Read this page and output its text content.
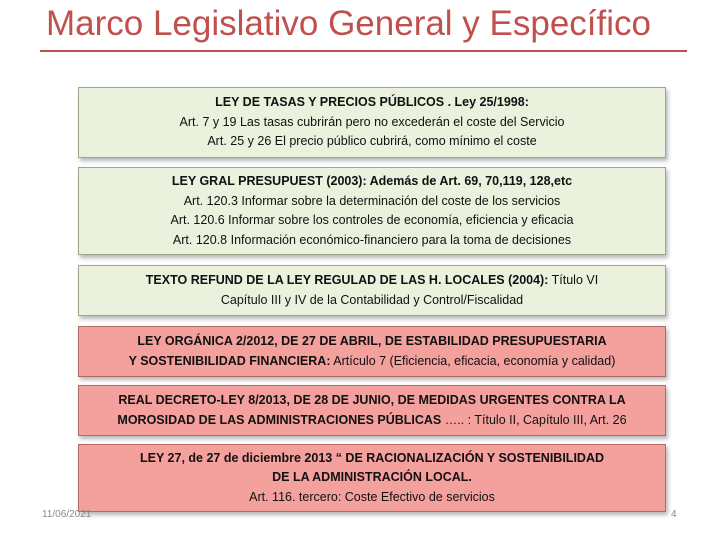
Marco Legislativo General y Específico
LEY DE TASAS Y PRECIOS PÚBLICOS . Ley 25/1998:
Art. 7 y 19 Las tasas cubrirán pero no excederán el coste del Servicio
Art. 25 y 26 El precio público cubrirá, como mínimo el coste
LEY GRAL PRESUPUEST (2003): Además de Art. 69, 70,119, 128,etc
Art. 120.3 Informar sobre la determinación del coste de los servicios
Art. 120.6 Informar sobre los controles de economía, eficiencia y eficacia
Art. 120.8 Información económico-financiero para la toma de decisiones
TEXTO REFUND DE LA LEY REGULAD DE LAS H. LOCALES (2004): Título VI
Capítulo III y IV de la Contabilidad y Control/Fiscalidad
LEY ORGÁNICA 2/2012, DE 27 DE ABRIL, DE ESTABILIDAD PRESUPUESTARIA
Y SOSTENIBILIDAD FINANCIERA: Artículo 7 (Eficiencia, eficacia, economía y calidad)
REAL DECRETO-LEY 8/2013, DE 28 DE JUNIO, DE MEDIDAS URGENTES CONTRA LA
MOROSIDAD DE LAS ADMINISTRACIONES PÚBLICAS ….. : Título II, Capítulo III, Art. 26
LEY 27, de 27 de diciembre 2013 “ DE RACIONALIZACIÓN Y SOSTENIBILIDAD
DE LA ADMINISTRACIÓN LOCAL.
Art. 116. tercero: Coste Efectivo de servicios
11/06/2021	4
